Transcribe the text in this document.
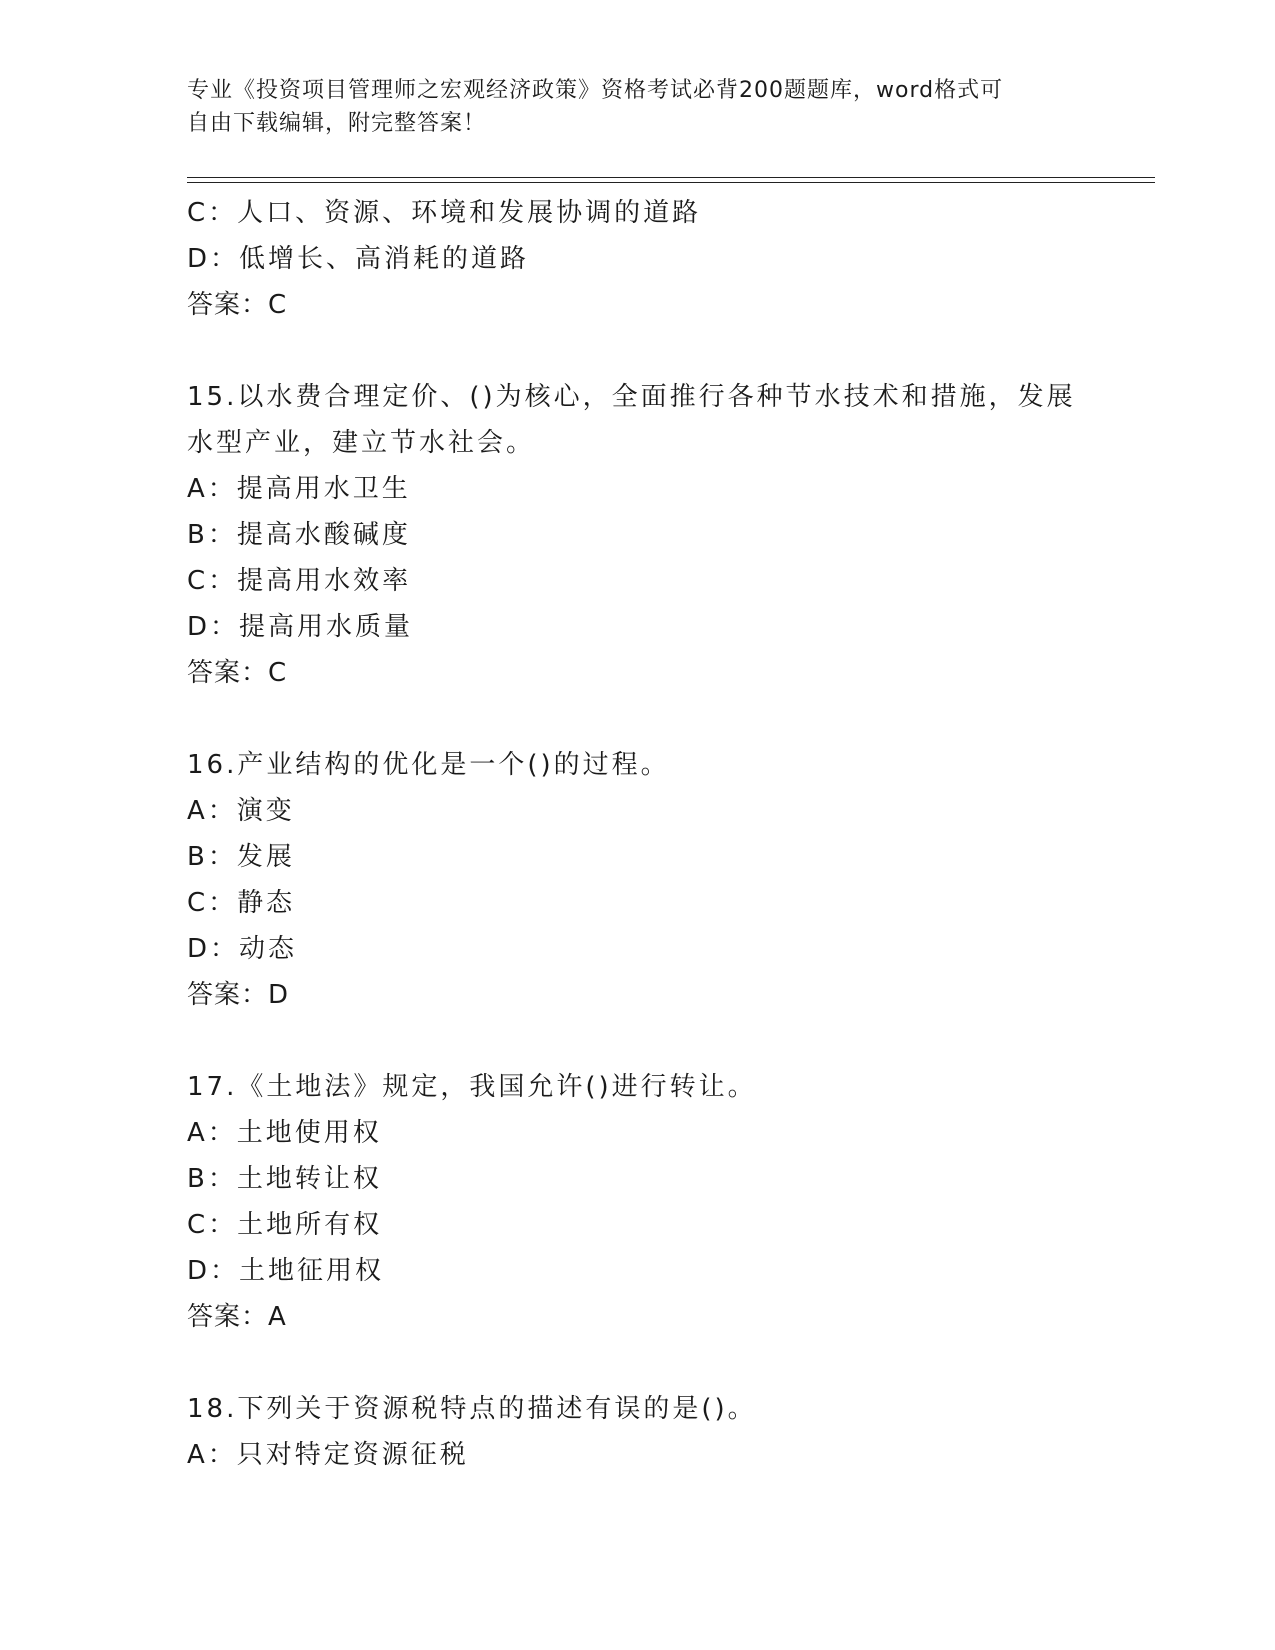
专业《投资项目管理师之宏观经济政策》资格考试必背200题题库，word格式可
自由下载编辑，附完整答案！
C：人口、资源、环境和发展协调的道路
D：低增长、高消耗的道路
答案：C
15.以水费合理定价、()为核心，全面推行各种节水技术和措施，发展
水型产业，建立节水社会。
A：提高用水卫生
B：提高水酸碱度
C：提高用水效率
D：提高用水质量
答案：C
16.产业结构的优化是一个()的过程。
A：演变
B：发展
C：静态
D：动态
答案：D
17.《土地法》规定，我国允许()进行转让。
A：土地使用权
B：土地转让权
C：土地所有权
D：土地征用权
答案：A
18.下列关于资源税特点的描述有误的是()。
A：只对特定资源征税
